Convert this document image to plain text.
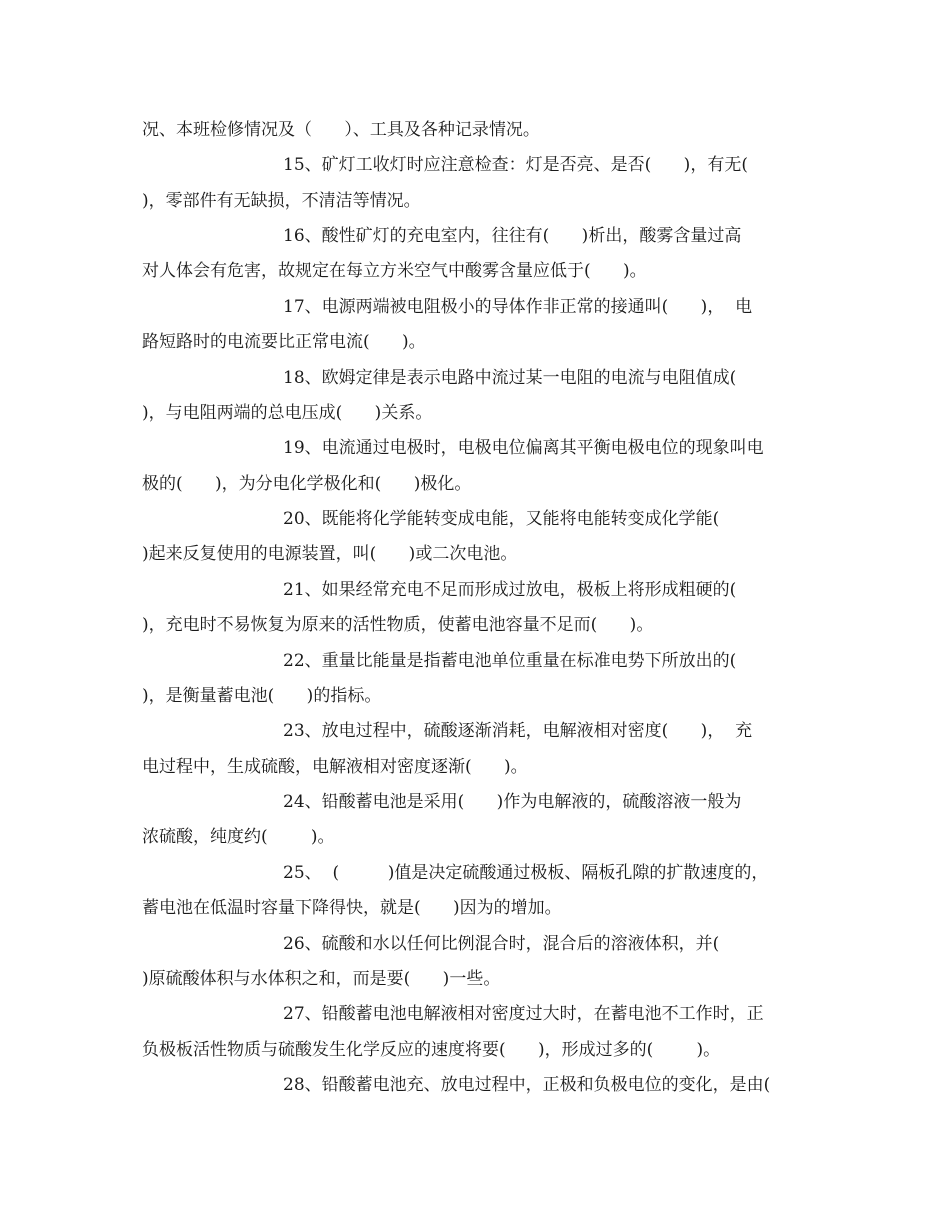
况、本班检修情况及（      ）、工具及各种记录情况。
15、矿灯工收灯时应注意检查：灯是否亮、是否(      )，有无(
)，零部件有无缺损，不清洁等情况。
16、酸性矿灯的充电室内，往往有(      )析出，酸雾含量过高
对人体会有危害，故规定在每立方米空气中酸雾含量应低于(      )。
17、电源两端被电阻极小的导体作非正常的接通叫(      )，  电
路短路时的电流要比正常电流(      )。
18、欧姆定律是表示电路中流过某一电阻的电流与电阻值成(
)，与电阻两端的总电压成(      )关系。
19、电流通过电极时，电极电位偏离其平衡电极电位的现象叫电
极的(      )，为分电化学极化和(      )极化。
20、既能将化学能转变成电能，又能将电能转变成化学能(
)起来反复使用的电源装置，叫(      )或二次电池。
21、如果经常充电不足而形成过放电，极板上将形成粗硬的(
)，充电时不易恢复为原来的活性物质，使蓄电池容量不足而(      )。
22、重量比能量是指蓄电池单位重量在标准电势下所放出的(
)，是衡量蓄电池(      )的指标。
23、放电过程中，硫酸逐渐消耗，电解液相对密度(      )，  充
电过程中，生成硫酸，电解液相对密度逐渐(      )。
24、铅酸蓄电池是采用(      )作为电解液的，硫酸溶液一般为
浓硫酸，纯度约(        )。
25、  (         )值是决定硫酸通过极板、隔板孔隙的扩散速度的，
蓄电池在低温时容量下降得快，就是(      )因为的增加。
26、硫酸和水以任何比例混合时，混合后的溶液体积，并(
)原硫酸体积与水体积之和，而是要(      )一些。
27、铅酸蓄电池电解液相对密度过大时，在蓄电池不工作时，正
负极板活性物质与硫酸发生化学反应的速度将要(      )，形成过多的(        )。
28、铅酸蓄电池充、放电过程中，正极和负极电位的变化，是由(
